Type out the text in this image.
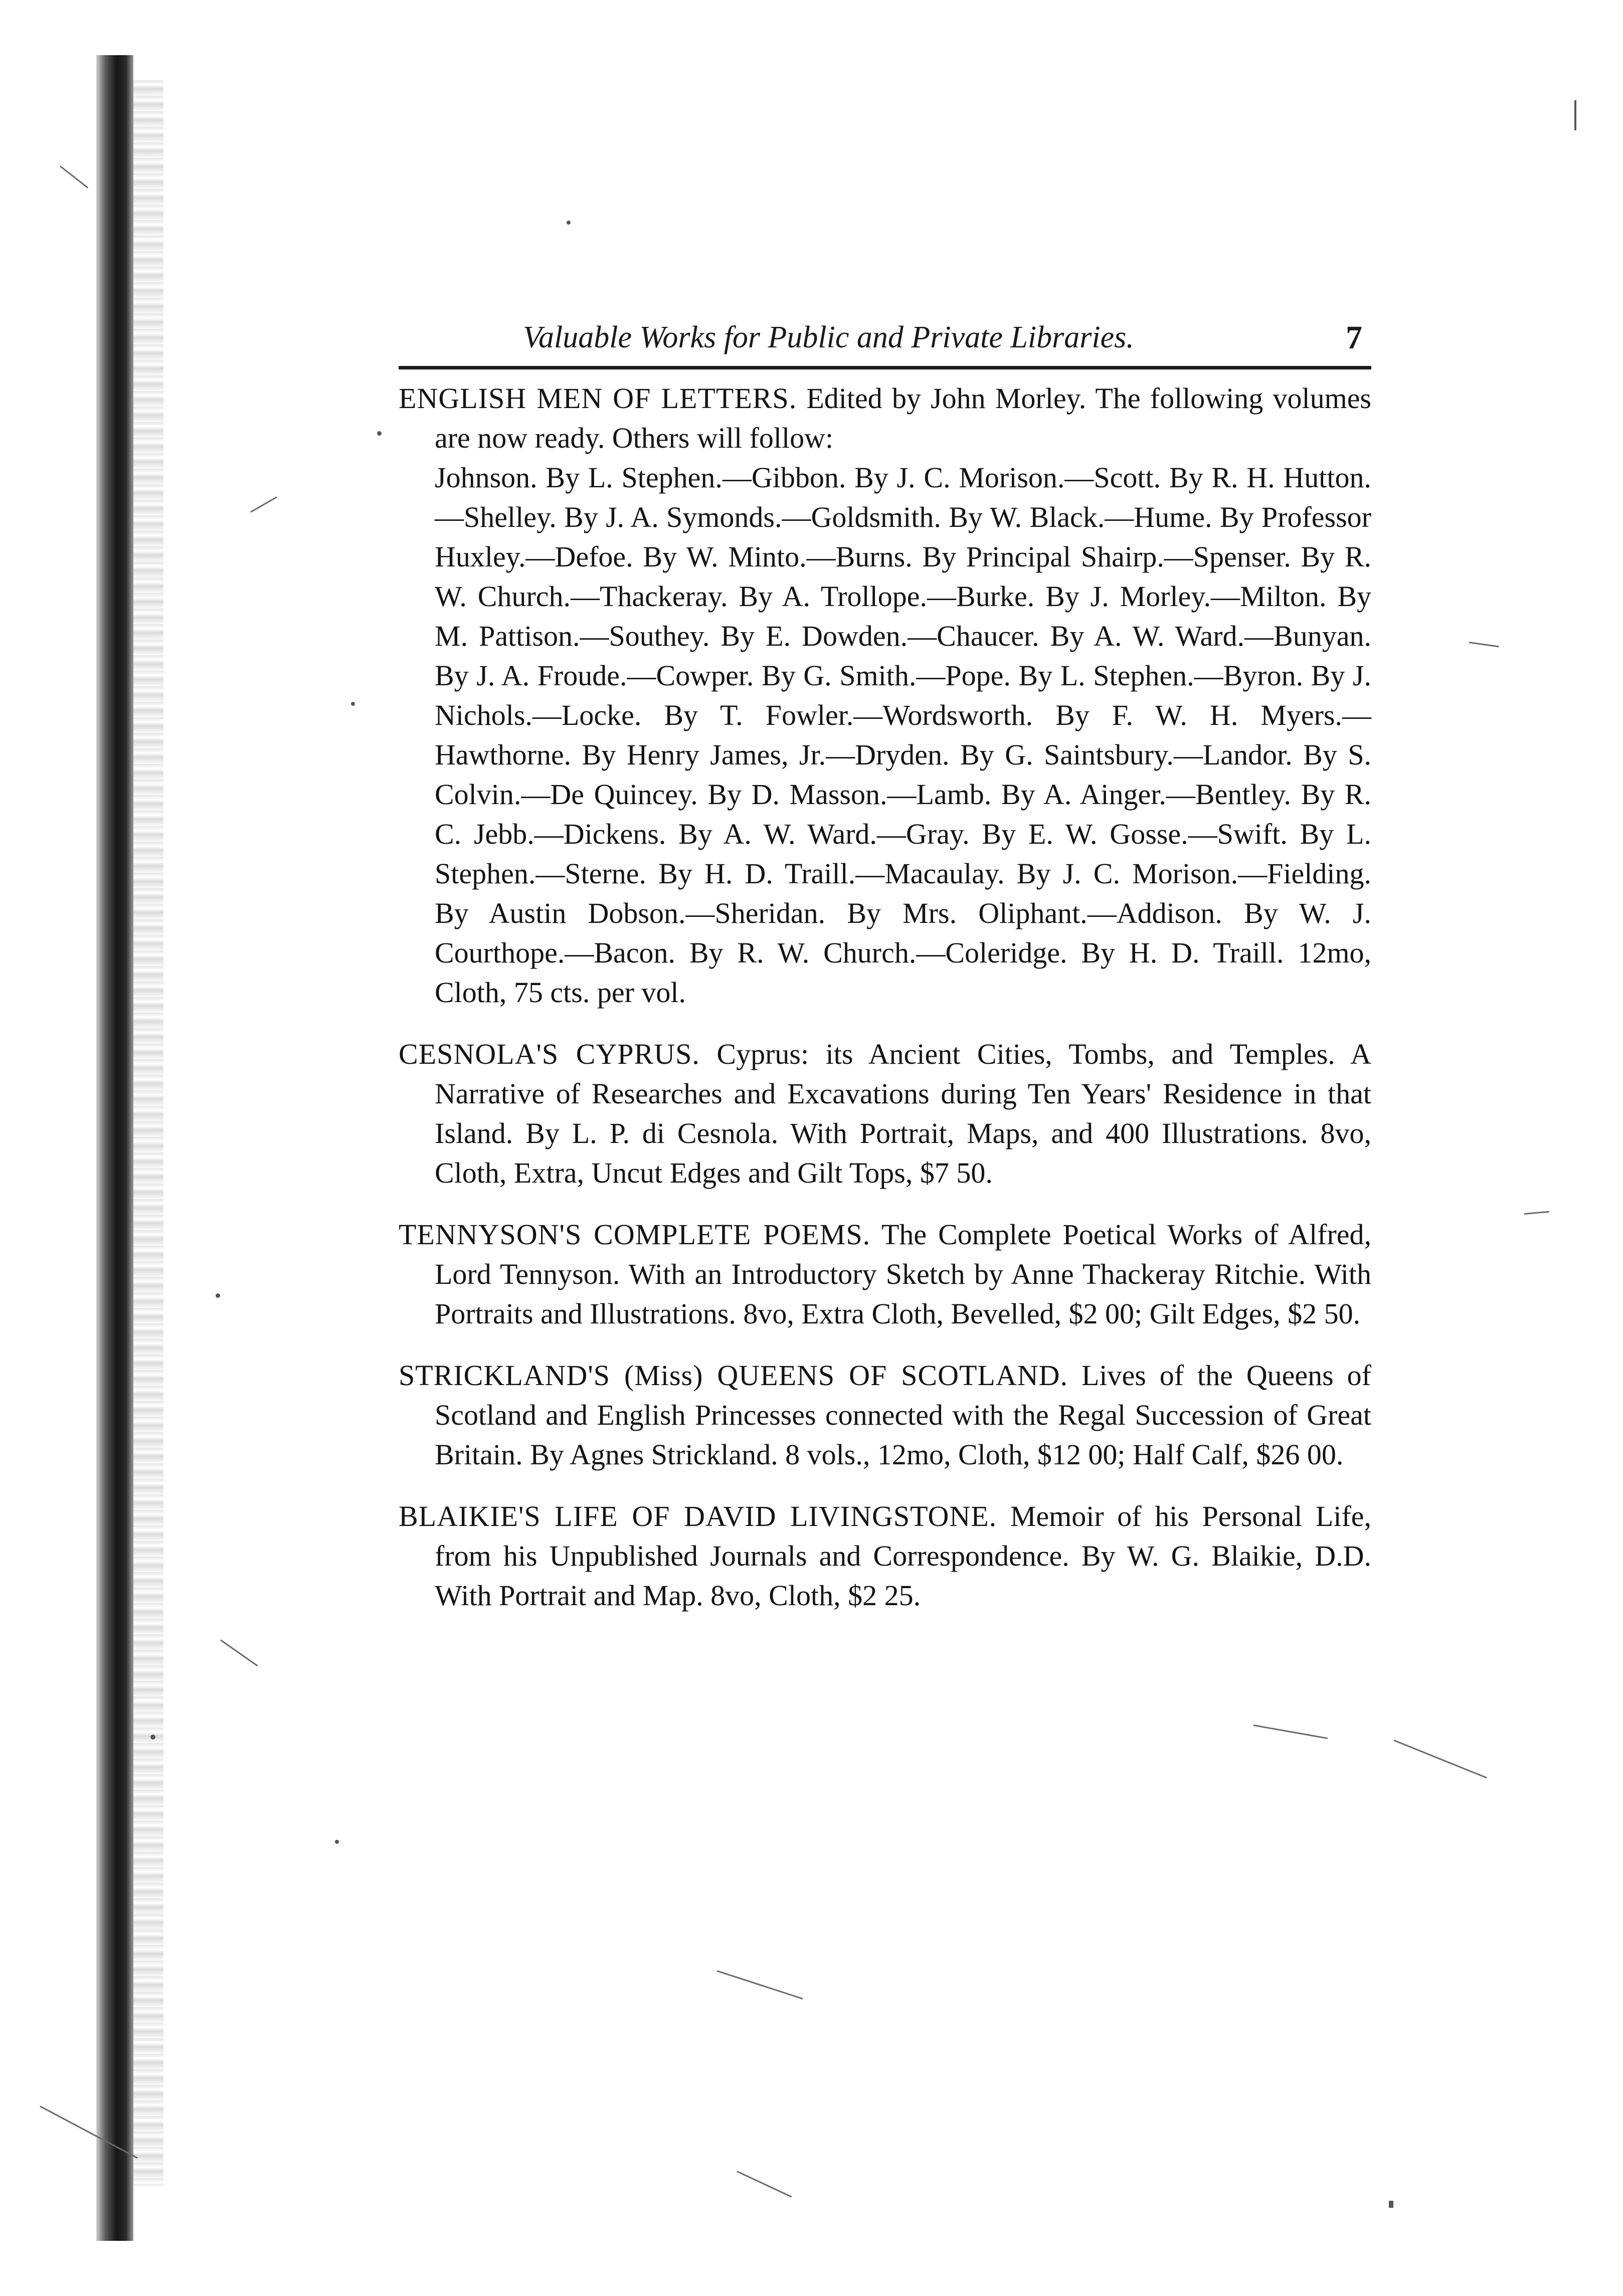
Valuable Works for Public and Private Libraries.	7
ENGLISH MEN OF LETTERS. Edited by John Morley. The following volumes are now ready. Others will follow:
Johnson. By L. Stephen.—Gibbon. By J. C. Morison.—Scott. By R. H. Hutton.—Shelley. By J. A. Symonds.—Goldsmith. By W. Black.—Hume. By Professor Huxley.—Defoe. By W. Minto.—Burns. By Principal Shairp.—Spenser. By R. W. Church.—Thackeray. By A. Trollope.—Burke. By J. Morley.—Milton. By M. Pattison.—Southey. By E. Dowden.—Chaucer. By A. W. Ward.—Bunyan. By J. A. Froude.—Cowper. By G. Smith.—Pope. By L. Stephen.—Byron. By J. Nichols.—Locke. By T. Fowler.—Wordsworth. By F. W. H. Myers.—Hawthorne. By Henry James, Jr.—Dryden. By G. Saintsbury.—Landor. By S. Colvin.—De Quincey. By D. Masson.—Lamb. By A. Ainger.—Bentley. By R. C. Jebb.—Dickens. By A. W. Ward.—Gray. By E. W. Gosse.—Swift. By L. Stephen.—Sterne. By H. D. Traill.—Macaulay. By J. C. Morison.—Fielding. By Austin Dobson.—Sheridan. By Mrs. Oliphant.—Addison. By W. J. Courthope.—Bacon. By R. W. Church.—Coleridge. By H. D. Traill. 12mo, Cloth, 75 cts. per vol.
CESNOLA'S CYPRUS. Cyprus: its Ancient Cities, Tombs, and Temples. A Narrative of Researches and Excavations during Ten Years' Residence in that Island. By L. P. di Cesnola. With Portrait, Maps, and 400 Illustrations. 8vo, Cloth, Extra, Uncut Edges and Gilt Tops, $7 50.
TENNYSON'S COMPLETE POEMS. The Complete Poetical Works of Alfred, Lord Tennyson. With an Introductory Sketch by Anne Thackeray Ritchie. With Portraits and Illustrations. 8vo, Extra Cloth, Bevelled, $2 00; Gilt Edges, $2 50.
STRICKLAND'S (Miss) QUEENS OF SCOTLAND. Lives of the Queens of Scotland and English Princesses connected with the Regal Succession of Great Britain. By Agnes Strickland. 8 vols., 12mo, Cloth, $12 00; Half Calf, $26 00.
BLAIKIE'S LIFE OF DAVID LIVINGSTONE. Memoir of his Personal Life, from his Unpublished Journals and Correspondence. By W. G. Blaikie, D.D. With Portrait and Map. 8vo, Cloth, $2 25.
